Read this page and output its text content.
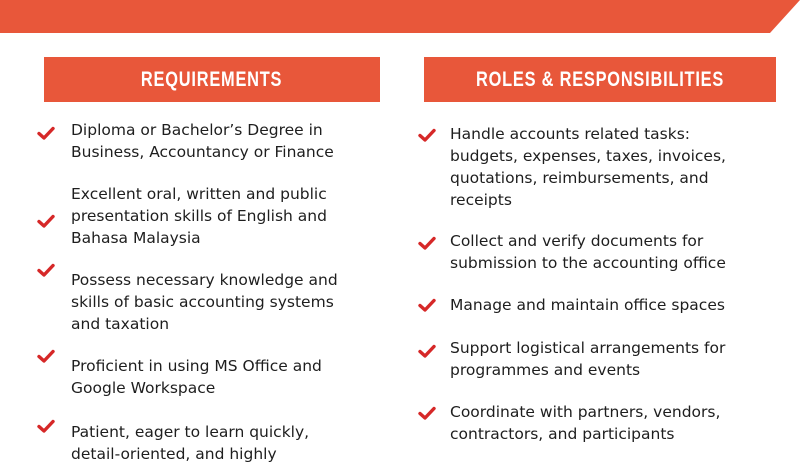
REQUIREMENTS	ROLES & RESPONSIBILITIES
Diploma or Bachelor’s Degree in
Business, Accountancy or Finance
Excellent oral, written and public
presentation skills of English and
Bahasa Malaysia
Possess necessary knowledge and
skills of basic accounting systems
and taxation
Proficient in using MS Office and
Google Workspace
Patient, eager to learn quickly,
detail-oriented, and highly
Handle accounts related tasks:
budgets, expenses, taxes, invoices,
quotations, reimbursements, and
receipts
Collect and verify documents for
submission to the accounting office
Manage and maintain office spaces
Support logistical arrangements for
programmes and events
Coordinate with partners, vendors,
contractors, and participants
